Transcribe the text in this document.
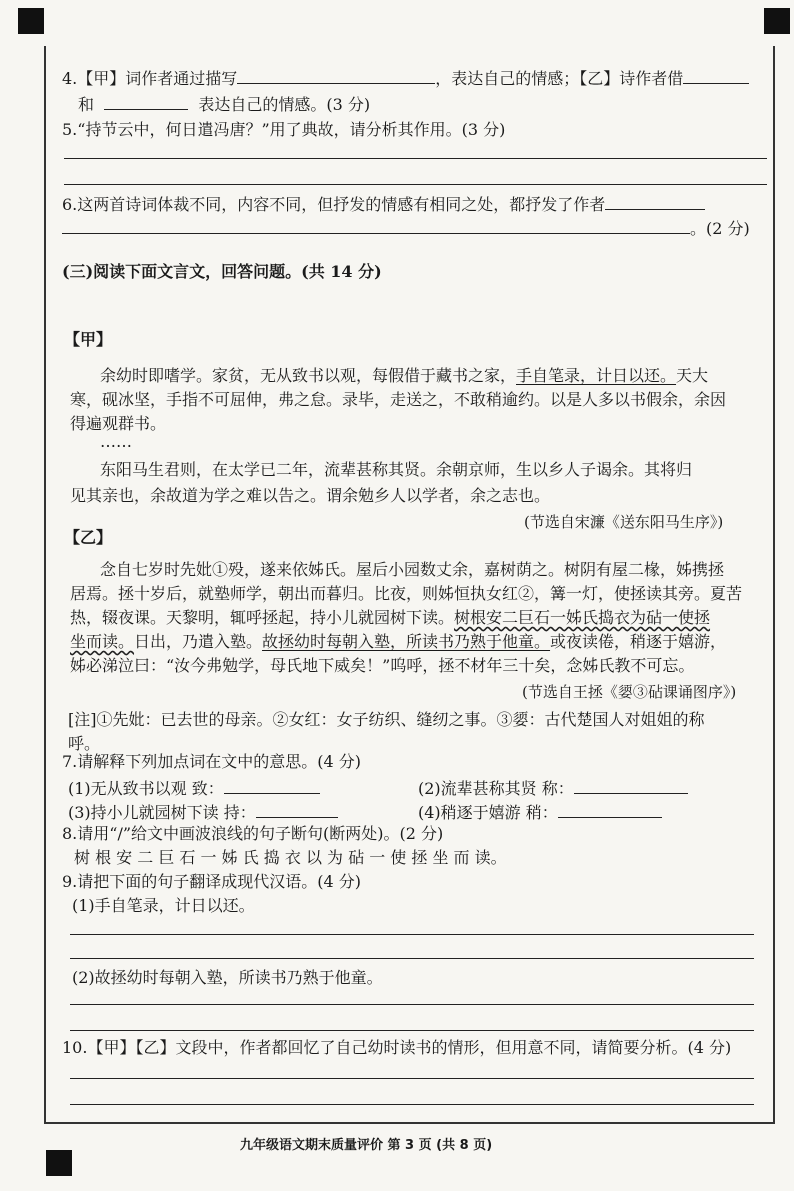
4.【甲】词作者通过描写	，表达自己的情感；【乙】诗作者借
和	表达自己的情感。(3 分)
5.“持节云中，何日遣冯唐？”用了典故，请分析其作用。(3 分)
6.这两首诗词体裁不同，内容不同，但抒发的情感有相同之处，都抒发了作者
。(2 分)
(三)阅读下面文言文，回答问题。(共 14 分)
【甲】
余幼时即嗜学。家贫，无从致书以观，每假借于藏书之家，手自笔录，计日以还。天大
寒，砚冰坚，手指不可屈伸，弗之怠。录毕，走送之，不敢稍逾约。以是人多以书假余，余因
得遍观群书。
……
东阳马生君则，在太学已二年，流辈甚称其贤。余朝京师，生以乡人子谒余。其将归
见其亲也，余故道为学之难以告之。谓余勉乡人以学者，余之志也。
(节选自宋濂《送东阳马生序》)
【乙】
念自七岁时先妣①殁，遂来依姊氏。屋后小园数丈余，嘉树荫之。树阴有屋二椽，姊携拯
居焉。拯十岁后，就塾师学，朝出而暮归。比夜，则姊恒执女红②，篝一灯，使拯读其旁。夏苦
热，辍夜课。天黎明，辄呼拯起，持小儿就园树下读。树根安二巨石一姊氏捣衣为砧一使拯
坐而读。日出，乃遣入塾。故拯幼时每朝入塾，所读书乃熟于他童。或夜读倦，稍逐于嬉游，
姊必涕泣曰：“汝今弗勉学，母氏地下威矣！”呜呼，拯不材年三十矣，念姊氏教不可忘。
(节选自王拯《媭③砧课诵图序》)
[注]①先妣：已去世的母亲。②女红：女子纺织、缝纫之事。③媭：古代楚国人对姐姐的称
呼。
7.请解释下列加点词在文中的意思。(4 分)
(1)无从致书以观 致：	(2)流辈甚称其贤 称：
(3)持小儿就园树下读 持：	(4)稍逐于嬉游 稍：
8.请用“/”给文中画波浪线的句子断句(断两处)。(2 分)
树 根 安 二 巨 石 一 姊 氏 捣 衣 以 为 砧 一 使 拯 坐 而 读。
9.请把下面的句子翻译成现代汉语。(4 分)
(1)手自笔录，计日以还。
(2)故拯幼时每朝入塾，所读书乃熟于他童。
10.【甲】【乙】文段中，作者都回忆了自己幼时读书的情形，但用意不同，请简要分析。(4 分)
九年级语文期末质量评价 第 3 页 (共 8 页)
